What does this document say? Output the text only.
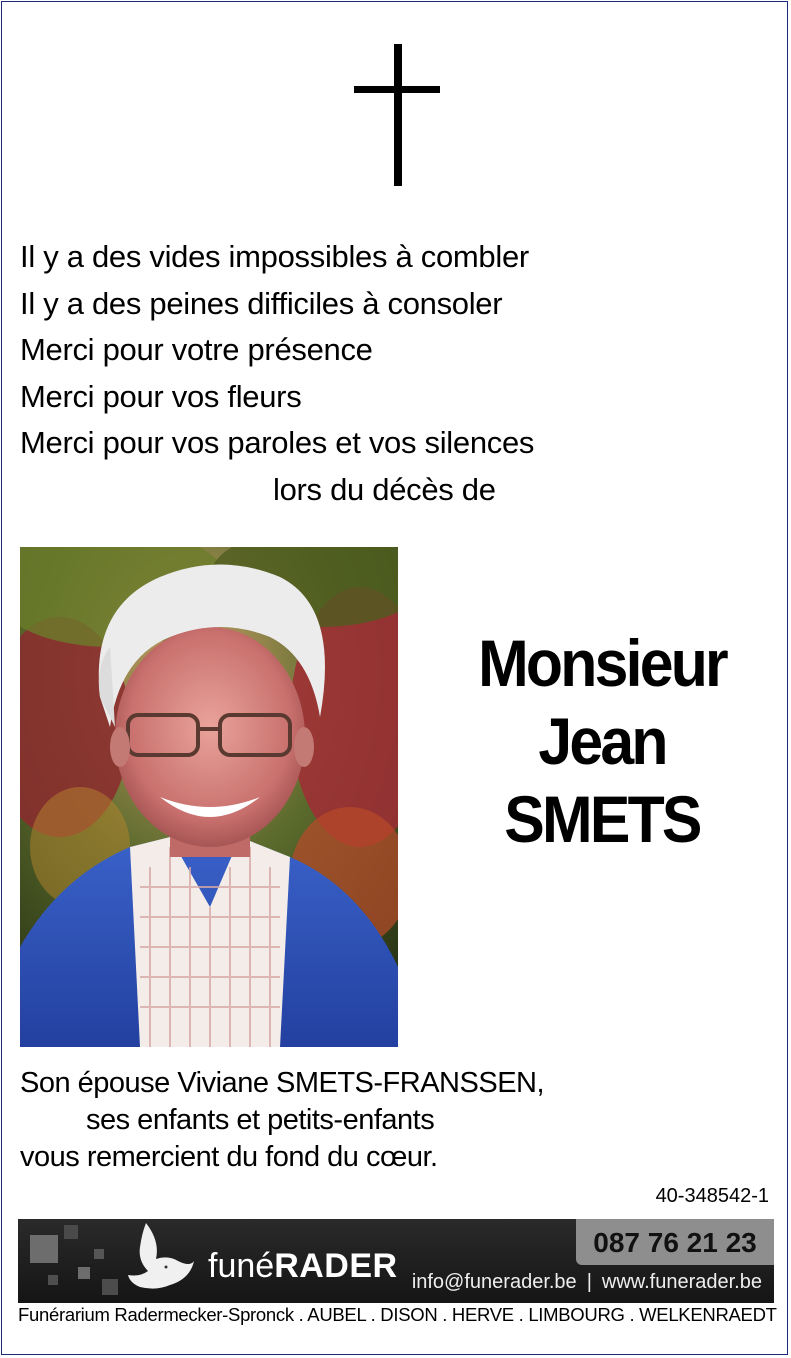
Il y a des vides impossibles à combler
Il y a des peines difficiles à consoler
Merci pour votre présence
Merci pour vos fleurs
Merci pour vos paroles et vos silences
lors du décès de
Monsieur
Jean
SMETS
Son épouse Viviane SMETS-FRANSSEN,
ses enfants et petits-enfants
vous remercient du fond du cœur.
40-348542-1
funéRADER
087 76 21 23
info@funerader.be | www.funerader.be
Funérarium Radermecker-Spronck . AUBEL . DISON . HERVE . LIMBOURG . WELKENRAEDT
